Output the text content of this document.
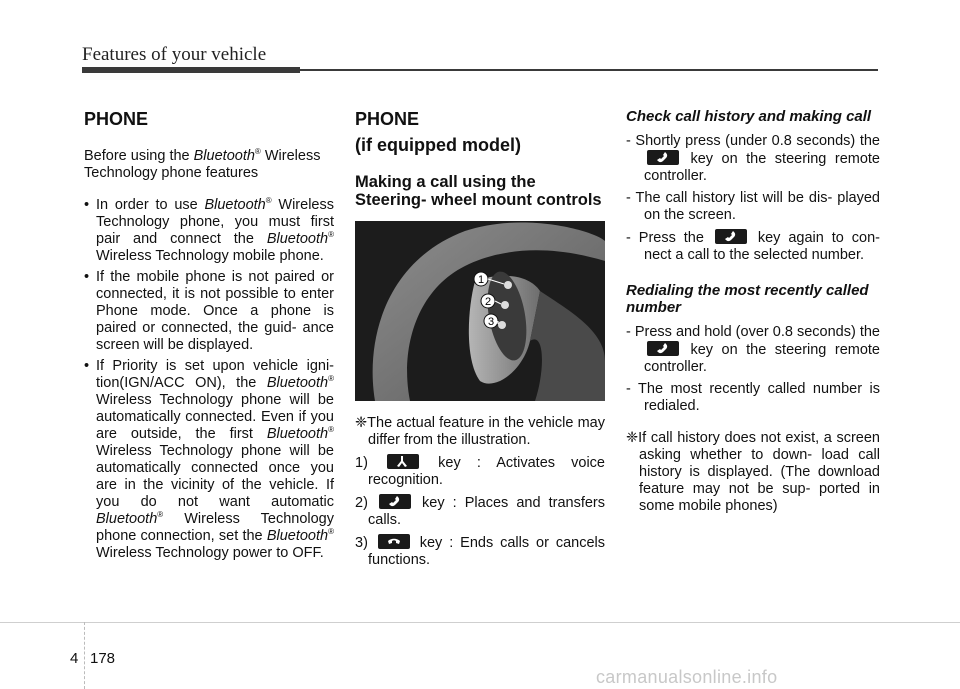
Features of your vehicle
PHONE
Before using the Bluetooth® Wireless Technology phone features
• In order to use Bluetooth® Wireless Technology phone, you must first pair and connect the Bluetooth® Wireless Technology mobile phone.
• If the mobile phone is not paired or connected, it is not possible to enter Phone mode. Once a phone is paired or connected, the guid- ance screen will be displayed.
• If Priority is set upon vehicle igni- tion(IGN/ACC ON), the Bluetooth® Wireless Technology phone will be automatically connected. Even if you are outside, the first Bluetooth® Wireless Technology phone will be automatically connected once you are in the vicinity of the vehicle. If you do not want automatic Bluetooth® Wireless Technology phone connection, set the Bluetooth® Wireless Technology power to OFF.
PHONE
(if equipped model)
Making a call using the Steering- wheel mount controls
1
2
3
❈The actual feature in the vehicle may differ from the illustration.
1)	key : Activates voice recognition.
2)	key : Places and transfers calls.
3)	key : Ends calls or cancels functions.
Check call history and making call
- Shortly press (under 0.8 seconds) the
key on the steering remote controller.
- The call history list will be dis- played on the screen.
- Press the	key again to con- nect a call to the selected number.
Redialing the most recently called number
- Press and hold (over 0.8 seconds) the
key on the steering remote controller.
- The most recently called number is redialed.
❈If call history does not exist, a screen asking whether to down- load call history is displayed. (The download feature may not be sup- ported in some mobile phones)
4 178
carmanualsonline.info
